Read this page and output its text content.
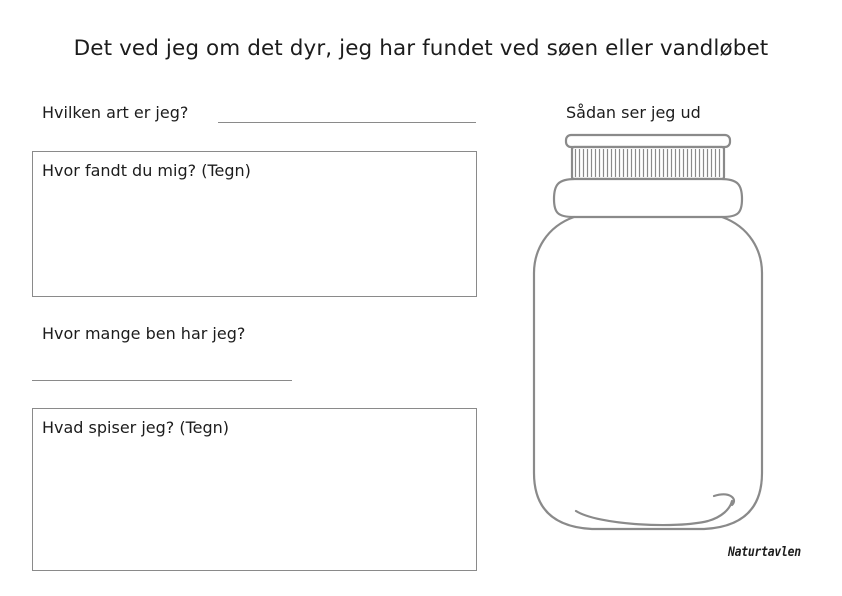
Det ved jeg om det dyr, jeg har fundet ved søen eller vandløbet
Hvilken art er jeg?	Sådan ser jeg ud
Hvor fandt du mig? (Tegn)
Hvor mange ben har jeg?
Hvad spiser jeg? (Tegn)
Naturtavlen
